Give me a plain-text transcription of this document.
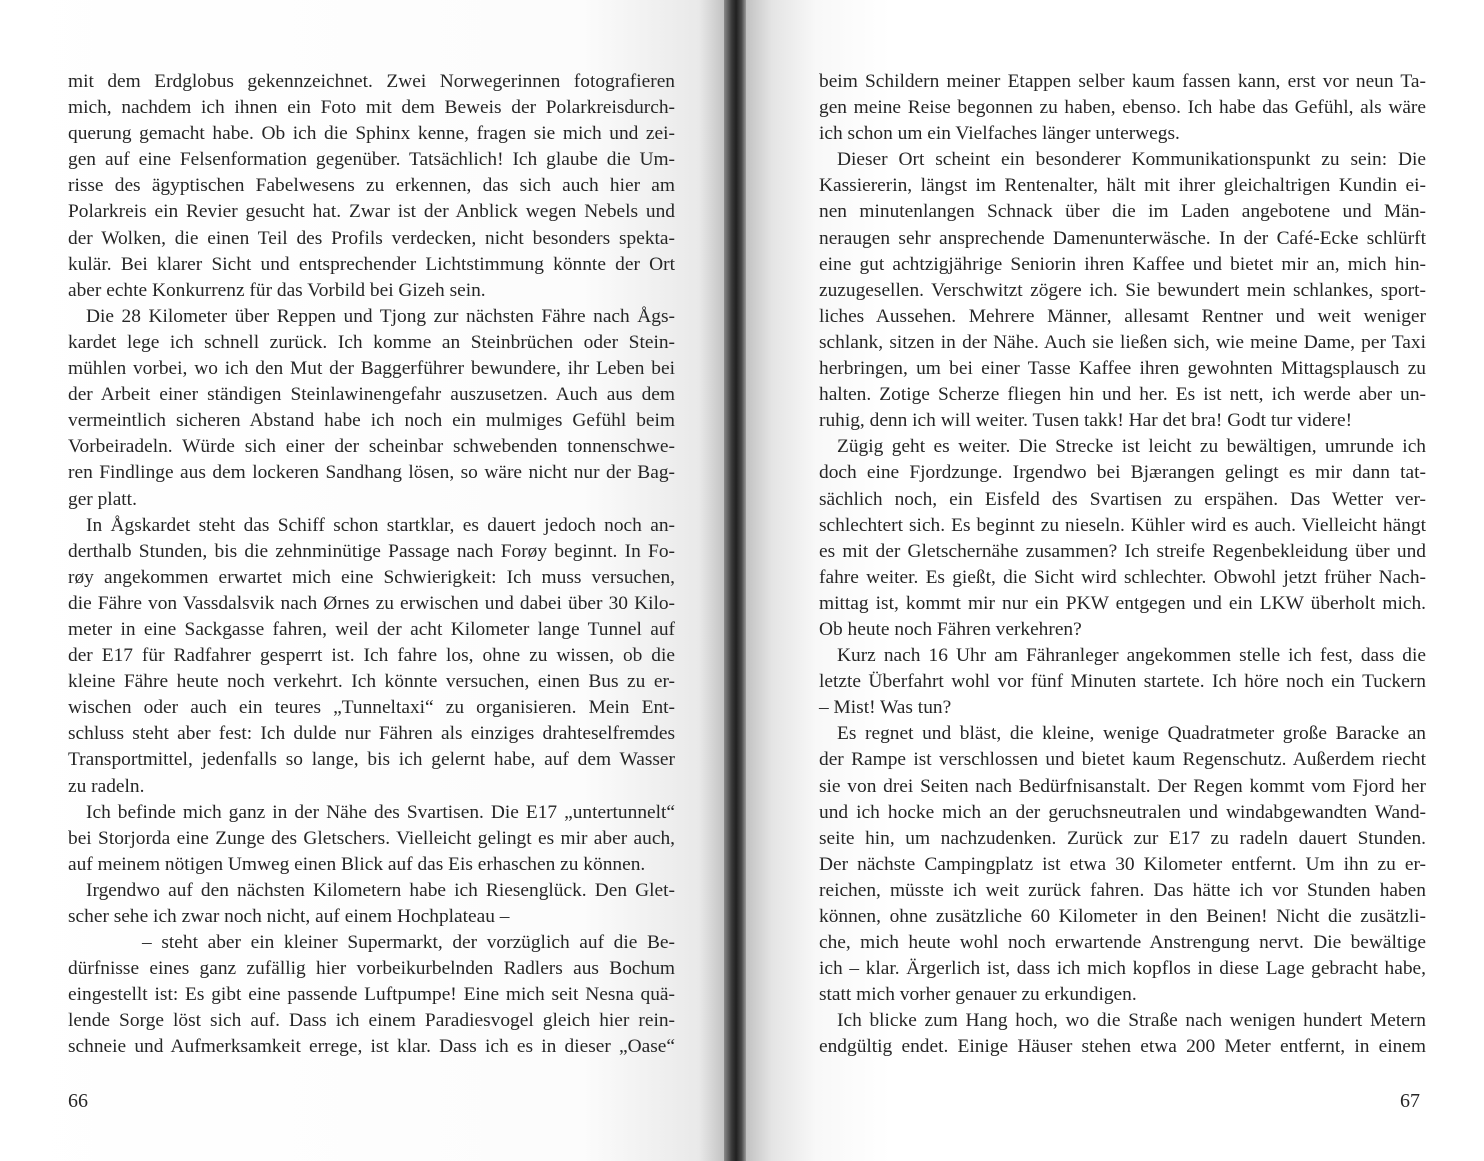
mit dem Erdglobus gekennzeichnet. Zwei Norwegerinnen fotografieren
mich, nachdem ich ihnen ein Foto mit dem Beweis der Polarkreisdurch-
querung gemacht habe. Ob ich die Sphinx kenne, fragen sie mich und zei-
gen auf eine Felsenformation gegenüber. Tatsächlich! Ich glaube die Um-
risse des ägyptischen Fabelwesens zu erkennen, das sich auch hier am
Polarkreis ein Revier gesucht hat. Zwar ist der Anblick wegen Nebels und
der Wolken, die einen Teil des Profils verdecken, nicht besonders spekta-
kulär. Bei klarer Sicht und entsprechender Lichtstimmung könnte der Ort
aber echte Konkurrenz für das Vorbild bei Gizeh sein.
Die 28 Kilometer über Reppen und Tjong zur nächsten Fähre nach Ågs-
kardet lege ich schnell zurück. Ich komme an Steinbrüchen oder Stein-
mühlen vorbei, wo ich den Mut der Baggerführer bewundere, ihr Leben bei
der Arbeit einer ständigen Steinlawinengefahr auszusetzen. Auch aus dem
vermeintlich sicheren Abstand habe ich noch ein mulmiges Gefühl beim
Vorbeiradeln. Würde sich einer der scheinbar schwebenden tonnenschwe-
ren Findlinge aus dem lockeren Sandhang lösen, so wäre nicht nur der Bag-
ger platt.
In Ågskardet steht das Schiff schon startklar, es dauert jedoch noch an-
derthalb Stunden, bis die zehnminütige Passage nach Forøy beginnt. In Fo-
røy angekommen erwartet mich eine Schwierigkeit: Ich muss versuchen,
die Fähre von Vassdalsvik nach Ørnes zu erwischen und dabei über 30 Kilo-
meter in eine Sackgasse fahren, weil der acht Kilometer lange Tunnel auf
der E17 für Radfahrer gesperrt ist. Ich fahre los, ohne zu wissen, ob die
kleine Fähre heute noch verkehrt. Ich könnte versuchen, einen Bus zu er-
wischen oder auch ein teures „Tunneltaxi“ zu organisieren. Mein Ent-
schluss steht aber fest: Ich dulde nur Fähren als einziges drahteselfremdes
Transportmittel, jedenfalls so lange, bis ich gelernt habe, auf dem Wasser
zu radeln.
Ich befinde mich ganz in der Nähe des Svartisen. Die E17 „untertunnelt“
bei Storjorda eine Zunge des Gletschers. Vielleicht gelingt es mir aber auch,
auf meinem nötigen Umweg einen Blick auf das Eis erhaschen zu können.
Irgendwo auf den nächsten Kilometern habe ich Riesenglück. Den Glet-
scher sehe ich zwar noch nicht, auf einem Hochplateau –
– steht aber ein kleiner Supermarkt, der vorzüglich auf die Be-
dürfnisse eines ganz zufällig hier vorbeikurbelnden Radlers aus Bochum
eingestellt ist: Es gibt eine passende Luftpumpe! Eine mich seit Nesna quä-
lende Sorge löst sich auf. Dass ich einem Paradiesvogel gleich hier rein-
schneie und Aufmerksamkeit errege, ist klar. Dass ich es in dieser „Oase“
66
beim Schildern meiner Etappen selber kaum fassen kann, erst vor neun Ta-
gen meine Reise begonnen zu haben, ebenso. Ich habe das Gefühl, als wäre
ich schon um ein Vielfaches länger unterwegs.
Dieser Ort scheint ein besonderer Kommunikationspunkt zu sein: Die
Kassiererin, längst im Rentenalter, hält mit ihrer gleichaltrigen Kundin ei-
nen minutenlangen Schnack über die im Laden angebotene und Män-
neraugen sehr ansprechende Damenunterwäsche. In der Café-Ecke schlürft
eine gut achtzigjährige Seniorin ihren Kaffee und bietet mir an, mich hin-
zuzugesellen. Verschwitzt zögere ich. Sie bewundert mein schlankes, sport-
liches Aussehen. Mehrere Männer, allesamt Rentner und weit weniger
schlank, sitzen in der Nähe. Auch sie ließen sich, wie meine Dame, per Taxi
herbringen, um bei einer Tasse Kaffee ihren gewohnten Mittagsplausch zu
halten. Zotige Scherze fliegen hin und her. Es ist nett, ich werde aber un-
ruhig, denn ich will weiter. Tusen takk! Har det bra! Godt tur videre!
Zügig geht es weiter. Die Strecke ist leicht zu bewältigen, umrunde ich
doch eine Fjordzunge. Irgendwo bei Bjærangen gelingt es mir dann tat-
sächlich noch, ein Eisfeld des Svartisen zu erspähen. Das Wetter ver-
schlechtert sich. Es beginnt zu nieseln. Kühler wird es auch. Vielleicht hängt
es mit der Gletschernähe zusammen? Ich streife Regenbekleidung über und
fahre weiter. Es gießt, die Sicht wird schlechter. Obwohl jetzt früher Nach-
mittag ist, kommt mir nur ein PKW entgegen und ein LKW überholt mich.
Ob heute noch Fähren verkehren?
Kurz nach 16 Uhr am Fähranleger angekommen stelle ich fest, dass die
letzte Überfahrt wohl vor fünf Minuten startete. Ich höre noch ein Tuckern
– Mist! Was tun?
Es regnet und bläst, die kleine, wenige Quadratmeter große Baracke an
der Rampe ist verschlossen und bietet kaum Regenschutz. Außerdem riecht
sie von drei Seiten nach Bedürfnisanstalt. Der Regen kommt vom Fjord her
und ich hocke mich an der geruchsneutralen und windabgewandten Wand-
seite hin, um nachzudenken. Zurück zur E17 zu radeln dauert Stunden.
Der nächste Campingplatz ist etwa 30 Kilometer entfernt. Um ihn zu er-
reichen, müsste ich weit zurück fahren. Das hätte ich vor Stunden haben
können, ohne zusätzliche 60 Kilometer in den Beinen! Nicht die zusätzli-
che, mich heute wohl noch erwartende Anstrengung nervt. Die bewältige
ich – klar. Ärgerlich ist, dass ich mich kopflos in diese Lage gebracht habe,
statt mich vorher genauer zu erkundigen.
Ich blicke zum Hang hoch, wo die Straße nach wenigen hundert Metern
endgültig endet. Einige Häuser stehen etwa 200 Meter entfernt, in einem
67
